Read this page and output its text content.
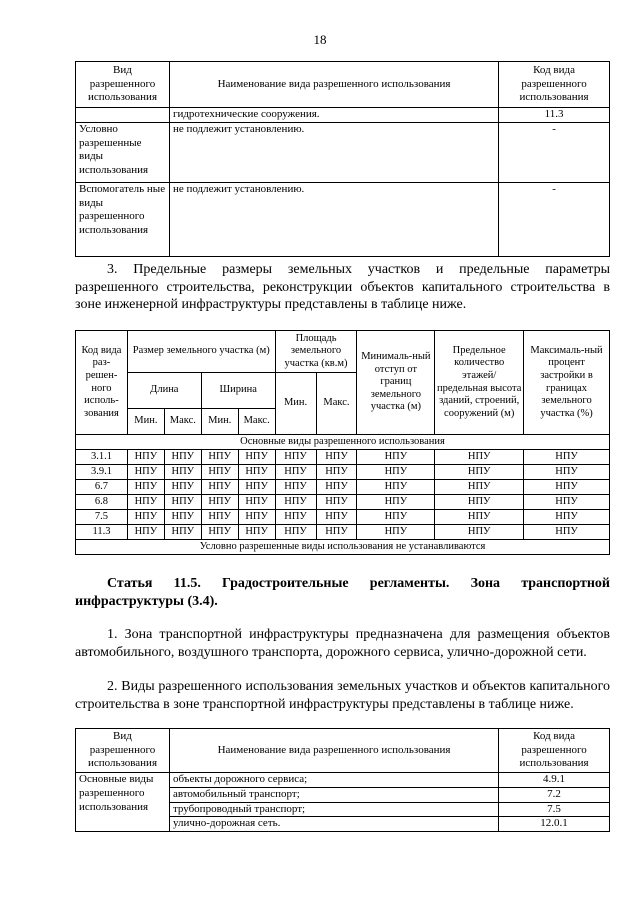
18
Вид разрешенного использования	Наименование вида разрешенного использования	Код вида разрешенного использования
	гидротехнические сооружения.	11.3
Условно разрешенные виды использования	не подлежит установлению.	-
Вспомогатель ные виды разрешенного использования	не подлежит установлению.	-
3. Предельные размеры земельных участков и предельные параметры разрешенного строительства, реконструкции объектов капитального строительства в зоне инженерной инфраструктуры представлены в таблице ниже.
Код вида раз-решен-ного исполь-зования	Размер земельного участка (м)				Площадь земельного участка (кв.м)		Минималь-ный отступ от границ земельного участка (м)	Предельное количество этажей/ предельная высота зданий, строений, сооружений (м)	Максималь-ный процент застройки в границах земельного участка (%)
	Длина		Ширина		Мин.	Макс.			
	Мин.	Макс.	Мин.	Макс.					
Основные виды разрешенного использования									
3.1.1	НПУ	НПУ	НПУ	НПУ	НПУ	НПУ	НПУ	НПУ	НПУ
3.9.1	НПУ	НПУ	НПУ	НПУ	НПУ	НПУ	НПУ	НПУ	НПУ
6.7	НПУ	НПУ	НПУ	НПУ	НПУ	НПУ	НПУ	НПУ	НПУ
6.8	НПУ	НПУ	НПУ	НПУ	НПУ	НПУ	НПУ	НПУ	НПУ
7.5	НПУ	НПУ	НПУ	НПУ	НПУ	НПУ	НПУ	НПУ	НПУ
11.3	НПУ	НПУ	НПУ	НПУ	НПУ	НПУ	НПУ	НПУ	НПУ
Условно разрешенные виды использования не устанавливаются									
Статья 11.5. Градостроительные регламенты. Зона транспортной инфраструктуры (3.4).
1. Зона транспортной инфраструктуры предназначена для размещения объектов автомобильного, воздушного транспорта, дорожного сервиса, улично-дорожной сети.
2. Виды разрешенного использования земельных участков и объектов капитального строительства в зоне транспортной инфраструктуры представлены в таблице ниже.
Вид разрешенного использования	Наименование вида разрешенного использования	Код вида разрешенного использования
Основные виды разрешенного использования	объекты дорожного сервиса;	4.9.1
	автомобильный транспорт;	7.2
	трубопроводный транспорт;	7.5
	улично-дорожная сеть.	12.0.1
